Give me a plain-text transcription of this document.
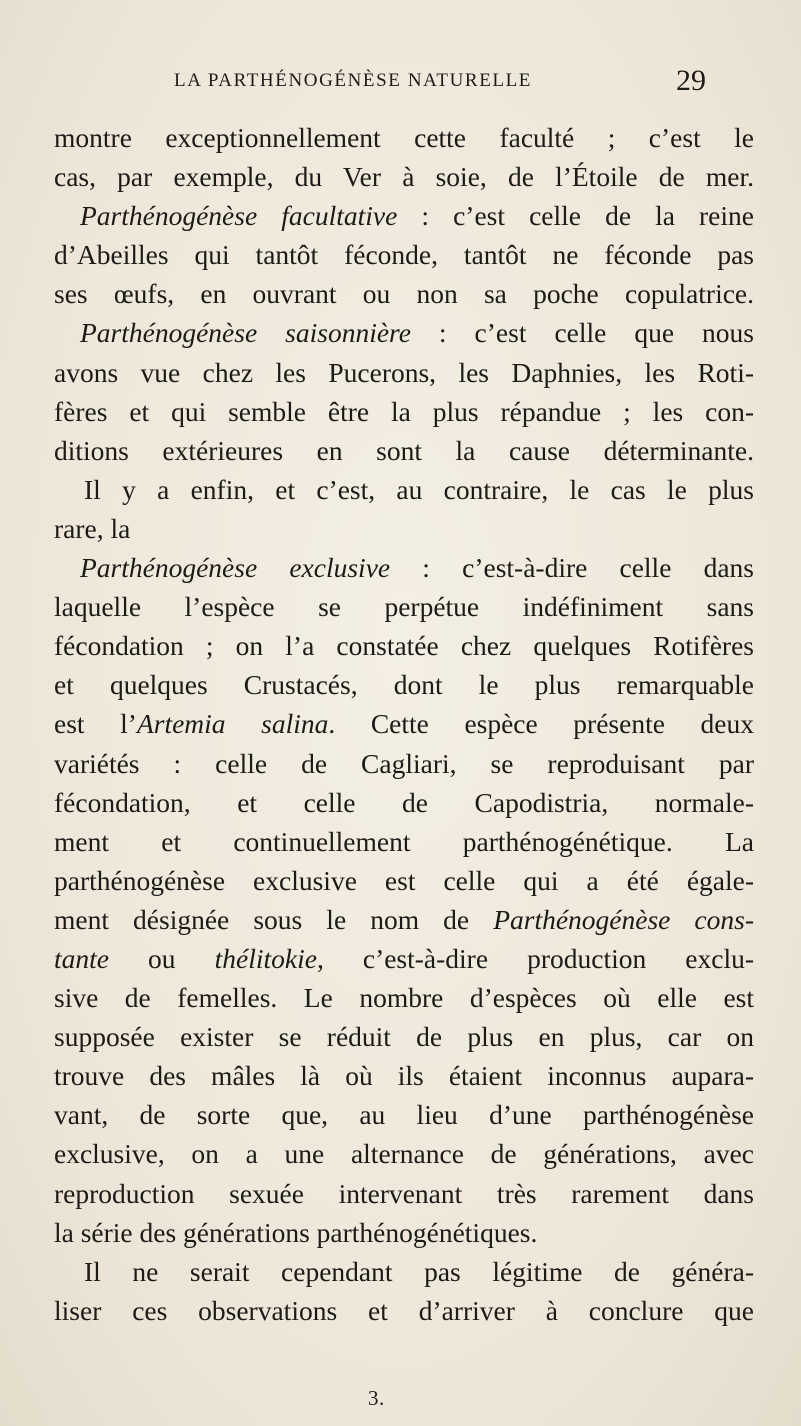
LA PARTHÉNOGÉNÈSE NATURELLE	29
montre exceptionnellement cette faculté ; c’est le
cas, par exemple, du Ver à soie, de l’Étoile de mer.
Parthénogénèse facultative : c’est celle de la reine
d’Abeilles qui tantôt féconde, tantôt ne féconde pas
ses œufs, en ouvrant ou non sa poche copulatrice.
Parthénogénèse saisonnière : c’est celle que nous
avons vue chez les Pucerons, les Daphnies, les Roti-
fères et qui semble être la plus répandue ; les con-
ditions extérieures en sont la cause déterminante.
Il y a enfin, et c’est, au contraire, le cas le plus
rare, la
Parthénogénèse exclusive : c’est-à-dire celle dans
laquelle l’espèce se perpétue indéfiniment sans
fécondation ; on l’a constatée chez quelques Rotifères
et quelques Crustacés, dont le plus remarquable
est l’Artemia salina. Cette espèce présente deux
variétés : celle de Cagliari, se reproduisant par
fécondation, et celle de Capodistria, normale-
ment et continuellement parthénogénétique. La
parthénogénèse exclusive est celle qui a été égale-
ment désignée sous le nom de Parthénogénèse cons-
tante ou thélitokie, c’est-à-dire production exclu-
sive de femelles. Le nombre d’espèces où elle est
supposée exister se réduit de plus en plus, car on
trouve des mâles là où ils étaient inconnus aupara-
vant, de sorte que, au lieu d’une parthénogénèse
exclusive, on a une alternance de générations, avec
reproduction sexuée intervenant très rarement dans
la série des générations parthénogénétiques.
Il ne serait cependant pas légitime de généra-
liser ces observations et d’arriver à conclure que
3.
